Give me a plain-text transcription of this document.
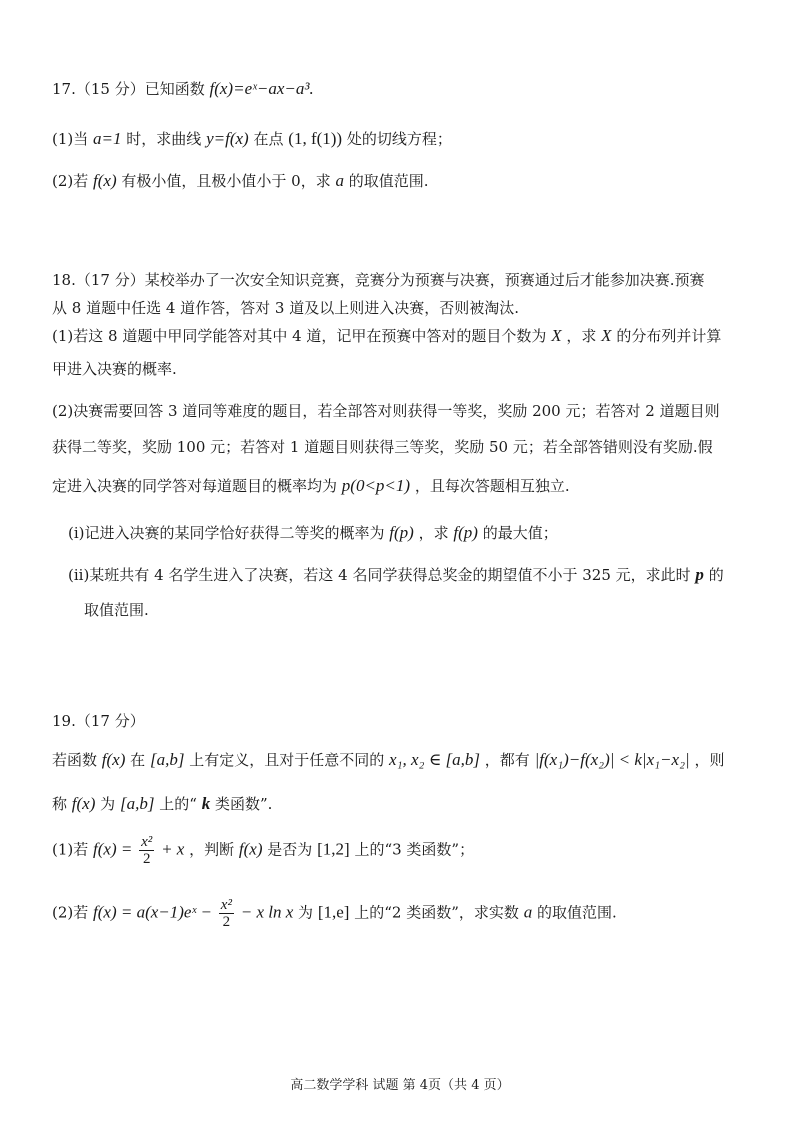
17.（15 分）已知函数 f(x)=eˣ−ax−a³.
(1)当 a=1 时，求曲线 y=f(x) 在点 (1, f(1)) 处的切线方程；
(2)若 f(x) 有极小值，且极小值小于 0，求 a 的取值范围.
18.（17 分）某校举办了一次安全知识竞赛，竞赛分为预赛与决赛，预赛通过后才能参加决赛.预赛
从 8 道题中任选 4 道作答，答对 3 道及以上则进入决赛，否则被淘汰.
(1)若这 8 道题中甲同学能答对其中 4 道，记甲在预赛中答对的题目个数为 X ，求 X 的分布列并计算
甲进入决赛的概率.
(2)决赛需要回答 3 道同等难度的题目，若全部答对则获得一等奖，奖励 200 元；若答对 2 道题目则
获得二等奖，奖励 100 元；若答对 1 道题目则获得三等奖，奖励 50 元；若全部答错则没有奖励.假
定进入决赛的同学答对每道题目的概率均为 p(0<p<1) ，且每次答题相互独立.
(i)记进入决赛的某同学恰好获得二等奖的概率为 f(p) ，求 f(p) 的最大值；
(ii)某班共有 4 名学生进入了决赛，若这 4 名同学获得总奖金的期望值不小于 325 元，求此时 p 的
取值范围.
19.（17 分）
若函数 f(x) 在 [a,b] 上有定义，且对于任意不同的 x₁, x₂ ∈ [a,b] ，都有 |f(x₁)−f(x₂)| < k|x₁−x₂| ，则
称 f(x) 为 [a,b] 上的“ k 类函数”.
(1)若 $f(x) = \frac{\text{x²}}{2} + x$ ，判断 f(x) 是否为 [1,2] 上的“3 类函数”；
(2)若 f(x) = a(x−1)eˣ − $\frac{\text{x²}}{2} - x$ ln x 为 [1,e] 上的“2 类函数”，求实数 a 的取值范围.
高二数学学科 试题 第 4页（共 4 页）
